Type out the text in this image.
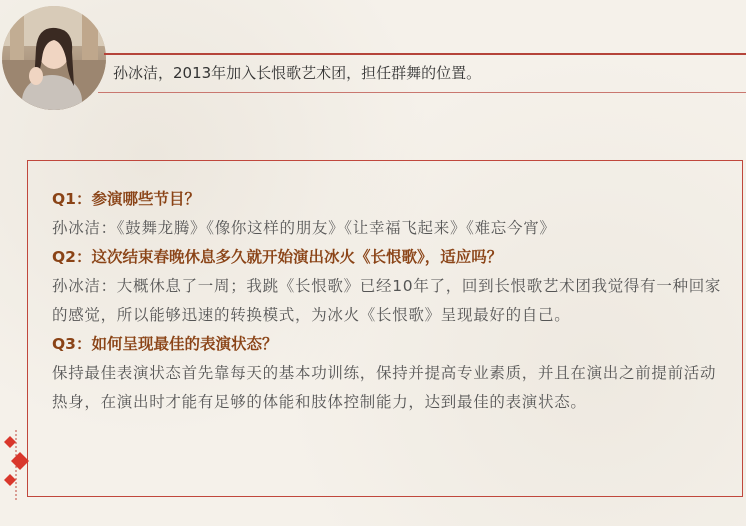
孙冰洁，2013年加入长恨歌艺术团，担任群舞的位置。
Q1：参演哪些节目？
孙冰洁：《鼓舞龙腾》《像你这样的朋友》《让幸福飞起来》《难忘今宵》
Q2：这次结束春晚休息多久就开始演出冰火《长恨歌》，适应吗？
孙冰洁：大概休息了一周；我跳《长恨歌》已经10年了，回到长恨歌艺术团我觉得有一种回家的感觉，所以能够迅速的转换模式，为冰火《长恨歌》呈现最好的自己。
Q3：如何呈现最佳的表演状态？
保持最佳表演状态首先靠每天的基本功训练，保持并提高专业素质，并且在演出之前提前活动热身，在演出时才能有足够的体能和肢体控制能力，达到最佳的表演状态。
